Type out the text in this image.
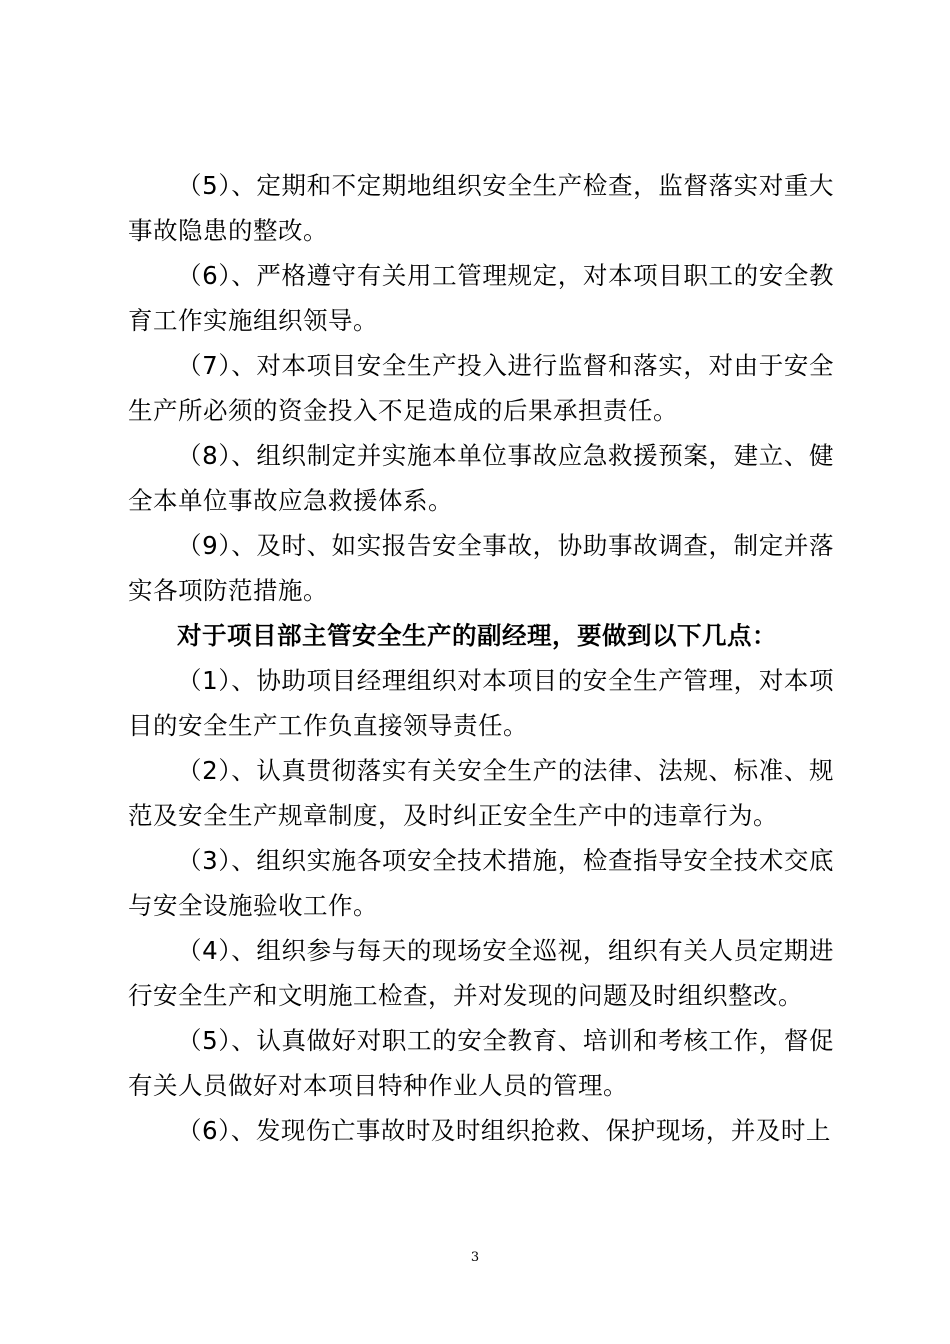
（5）、定期和不定期地组织安全生产检查，监督落实对重大事故隐患的整改。

（6）、严格遵守有关用工管理规定，对本项目职工的安全教育工作实施组织领导。

（7）、对本项目安全生产投入进行监督和落实，对由于安全生产所必须的资金投入不足造成的后果承担责任。

（8）、组织制定并实施本单位事故应急救援预案，建立、健全本单位事故应急救援体系。

（9）、及时、如实报告安全事故，协助事故调查，制定并落实各项防范措施。

对于项目部主管安全生产的副经理，要做到以下几点：

（1）、协助项目经理组织对本项目的安全生产管理，对本项目的安全生产工作负直接领导责任。

（2）、认真贯彻落实有关安全生产的法律、法规、标准、规范及安全生产规章制度，及时纠正安全生产中的违章行为。

（3）、组织实施各项安全技术措施，检查指导安全技术交底与安全设施验收工作。

（4）、组织参与每天的现场安全巡视，组织有关人员定期进行安全生产和文明施工检查，并对发现的问题及时组织整改。

（5）、认真做好对职工的安全教育、培训和考核工作，督促有关人员做好对本项目特种作业人员的管理。

（6）、发现伤亡事故时及时组织抢救、保护现场，并及时上

3
